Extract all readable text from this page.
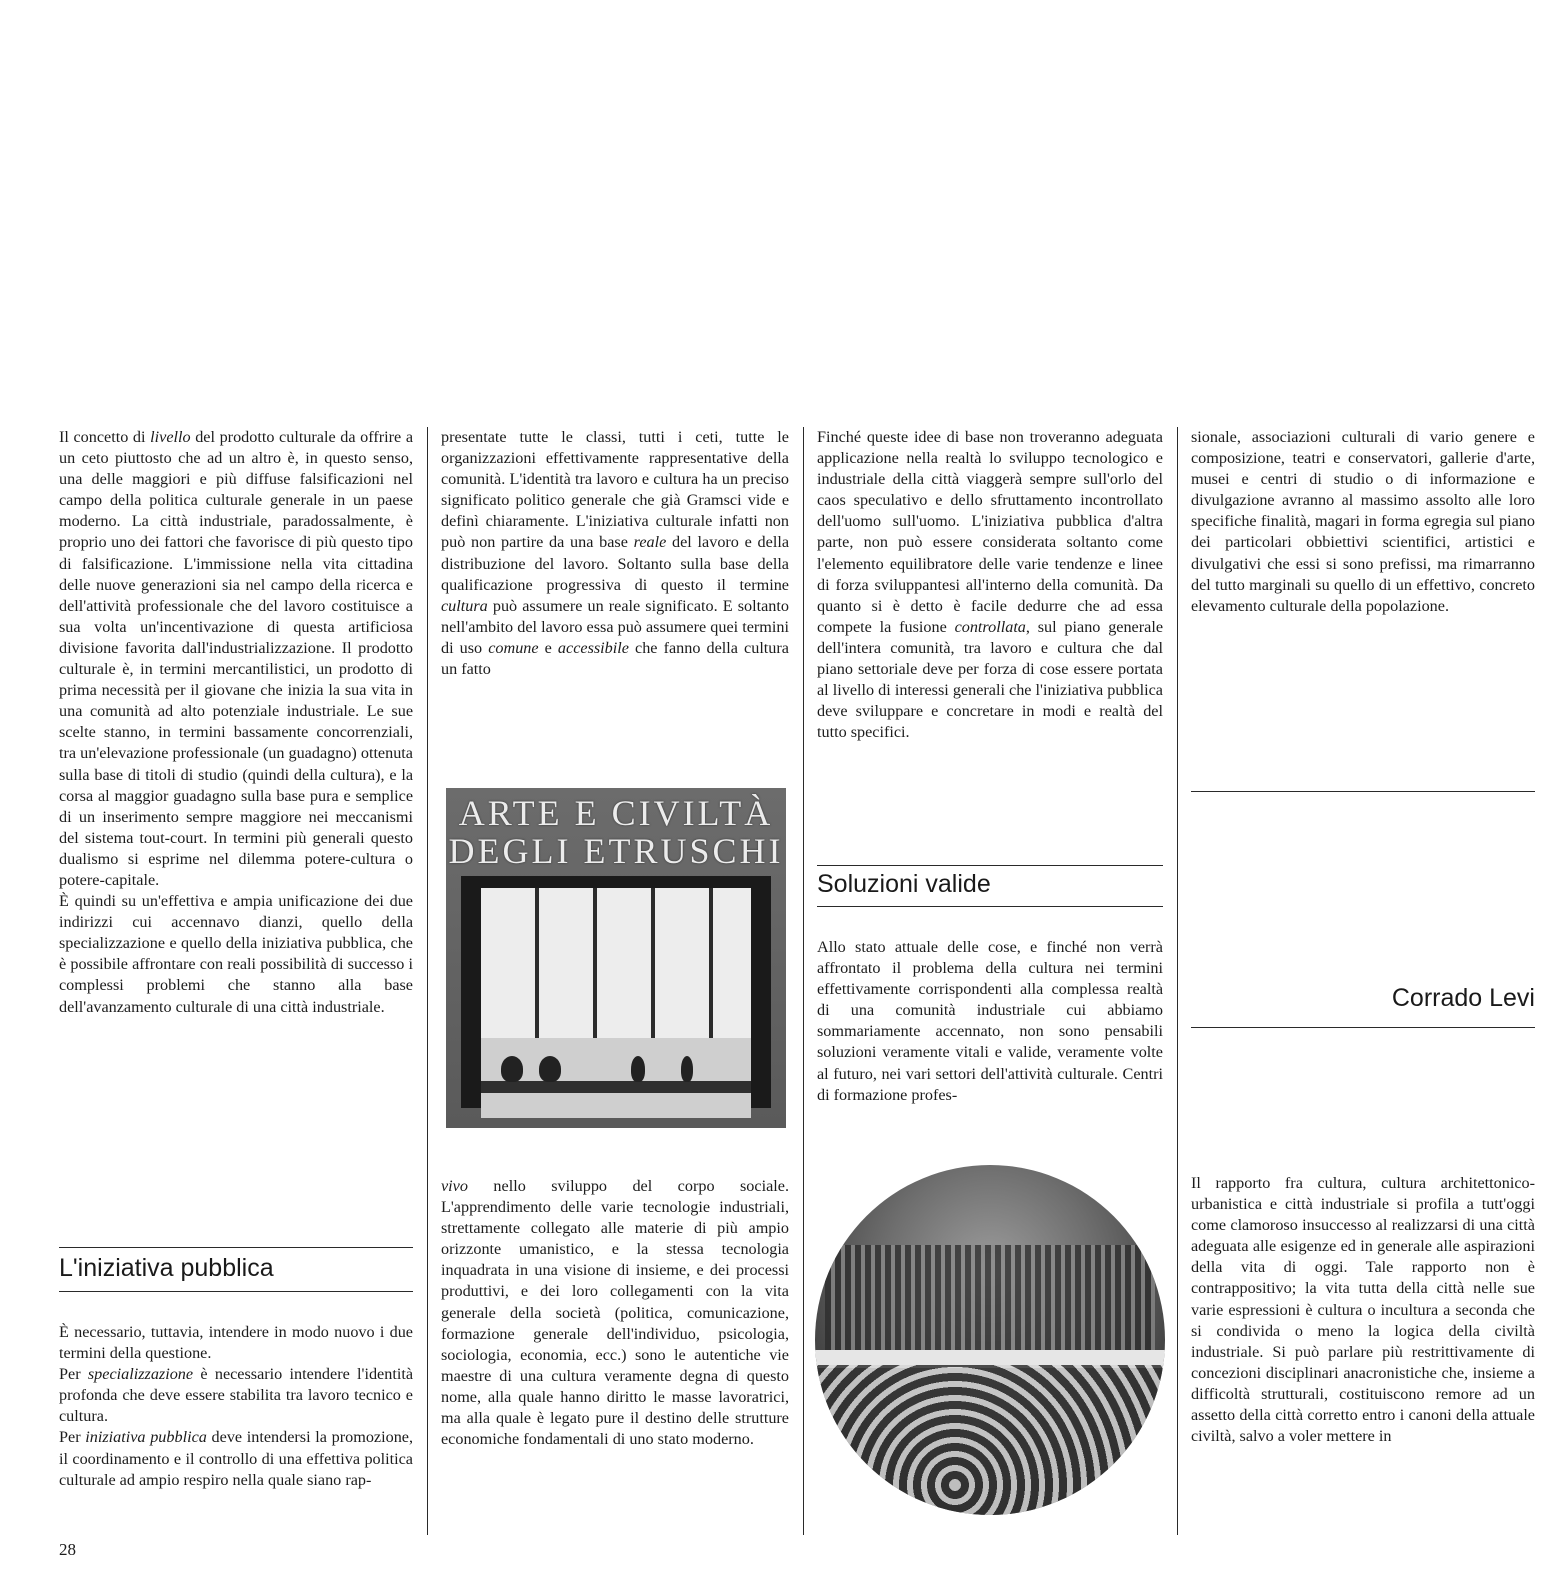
Il concetto di livello del prodotto culturale da offrire a un ceto piuttosto che ad un altro è, in questo senso, una delle maggiori e più diffuse falsificazioni nel campo della politica culturale generale in un paese moderno. La città industriale, paradossalmente, è proprio uno dei fattori che favorisce di più questo tipo di falsificazione. L'immissione nella vita cittadina delle nuove generazioni sia nel campo della ricerca e dell'attività professionale che del lavoro costituisce a sua volta un'incentivazione di questa artificiosa divisione favorita dall'industrializzazione. Il prodotto culturale è, in termini mercantilistici, un prodotto di prima necessità per il giovane che inizia la sua vita in una comunità ad alto potenziale industriale. Le sue scelte stanno, in termini bassamente concorrenziali, tra un'elevazione professionale (un guadagno) ottenuta sulla base di titoli di studio (quindi della cultura), e la corsa al maggior guadagno sulla base pura e semplice di un inserimento sempre maggiore nei meccanismi del sistema tout-court. In termini più generali questo dualismo si esprime nel dilemma potere-cultura o potere-capitale.

È quindi su un'effettiva e ampia unificazione dei due indirizzi cui accennavo dianzi, quello della specializzazione e quello della iniziativa pubblica, che è possibile affrontare con reali possibilità di successo i complessi problemi che stanno alla base dell'avanzamento culturale di una città industriale.

L'iniziativa pubblica

È necessario, tuttavia, intendere in modo nuovo i due termini della questione.

Per specializzazione è necessario intendere l'identità profonda che deve essere stabilita tra lavoro tecnico e cultura.

Per iniziativa pubblica deve intendersi la promozione, il coordinamento e il controllo di una effettiva politica culturale ad ampio respiro nella quale siano rap-

presentate tutte le classi, tutti i ceti, tutte le organizzazioni effettivamente rappresentative della comunità. L'identità tra lavoro e cultura ha un preciso significato politico generale che già Gramsci vide e definì chiaramente. L'iniziativa culturale infatti non può non partire da una base reale del lavoro e della distribuzione del lavoro. Soltanto sulla base della qualificazione progressiva di questo il termine cultura può assumere un reale significato. E soltanto nell'ambito del lavoro essa può assumere quei termini di uso comune e accessibile che fanno della cultura un fatto

ARTE E CIVILTÀ
DEGLI ETRUSCHI

vivo nello sviluppo del corpo sociale. L'apprendimento delle varie tecnologie industriali, strettamente collegato alle materie di più ampio orizzonte umanistico, e la stessa tecnologia inquadrata in una visione di insieme, e dei processi produttivi, e dei loro collegamenti con la vita generale della società (politica, comunicazione, formazione generale dell'individuo, psicologia, sociologia, economia, ecc.) sono le autentiche vie maestre di una cultura veramente degna di questo nome, alla quale hanno diritto le masse lavoratrici, ma alla quale è legato pure il destino delle strutture economiche fondamentali di uno stato moderno.

Finché queste idee di base non troveranno adeguata applicazione nella realtà lo sviluppo tecnologico e industriale della città viaggerà sempre sull'orlo del caos speculativo e dello sfruttamento incontrollato dell'uomo sull'uomo. L'iniziativa pubblica d'altra parte, non può essere considerata soltanto come l'elemento equilibratore delle varie tendenze e linee di forza sviluppantesi all'interno della comunità. Da quanto si è detto è facile dedurre che ad essa compete la fusione controllata, sul piano generale dell'intera comunità, tra lavoro e cultura che dal piano settoriale deve per forza di cose essere portata al livello di interessi generali che l'iniziativa pubblica deve sviluppare e concretare in modi e realtà del tutto specifici.

Soluzioni valide

Allo stato attuale delle cose, e finché non verrà affrontato il problema della cultura nei termini effettivamente corrispondenti alla complessa realtà di una comunità industriale cui abbiamo sommariamente accennato, non sono pensabili soluzioni veramente vitali e valide, veramente volte al futuro, nei vari settori dell'attività culturale. Centri di formazione profes-

sionale, associazioni culturali di vario genere e composizione, teatri e conservatori, gallerie d'arte, musei e centri di studio o di informazione e divulgazione avranno al massimo assolto alle loro specifiche finalità, magari in forma egregia sul piano dei particolari obbiettivi scientifici, artistici e divulgativi che essi si sono prefissi, ma rimarranno del tutto marginali su quello di un effettivo, concreto elevamento culturale della popolazione.

Corrado Levi

Il rapporto fra cultura, cultura architettonico-urbanistica e città industriale si profila a tutt'oggi come clamoroso insuccesso al realizzarsi di una città adeguata alle esigenze ed in generale alle aspirazioni della vita di oggi. Tale rapporto non è contrappositivo; la vita tutta della città nelle sue varie espressioni è cultura o incultura a seconda che si condivida o meno la logica della civiltà industriale. Si può parlare più restrittivamente di concezioni disciplinari anacronistiche che, insieme a difficoltà strutturali, costituiscono remore ad un assetto della città corretto entro i canoni della attuale civiltà, salvo a voler mettere in

28
